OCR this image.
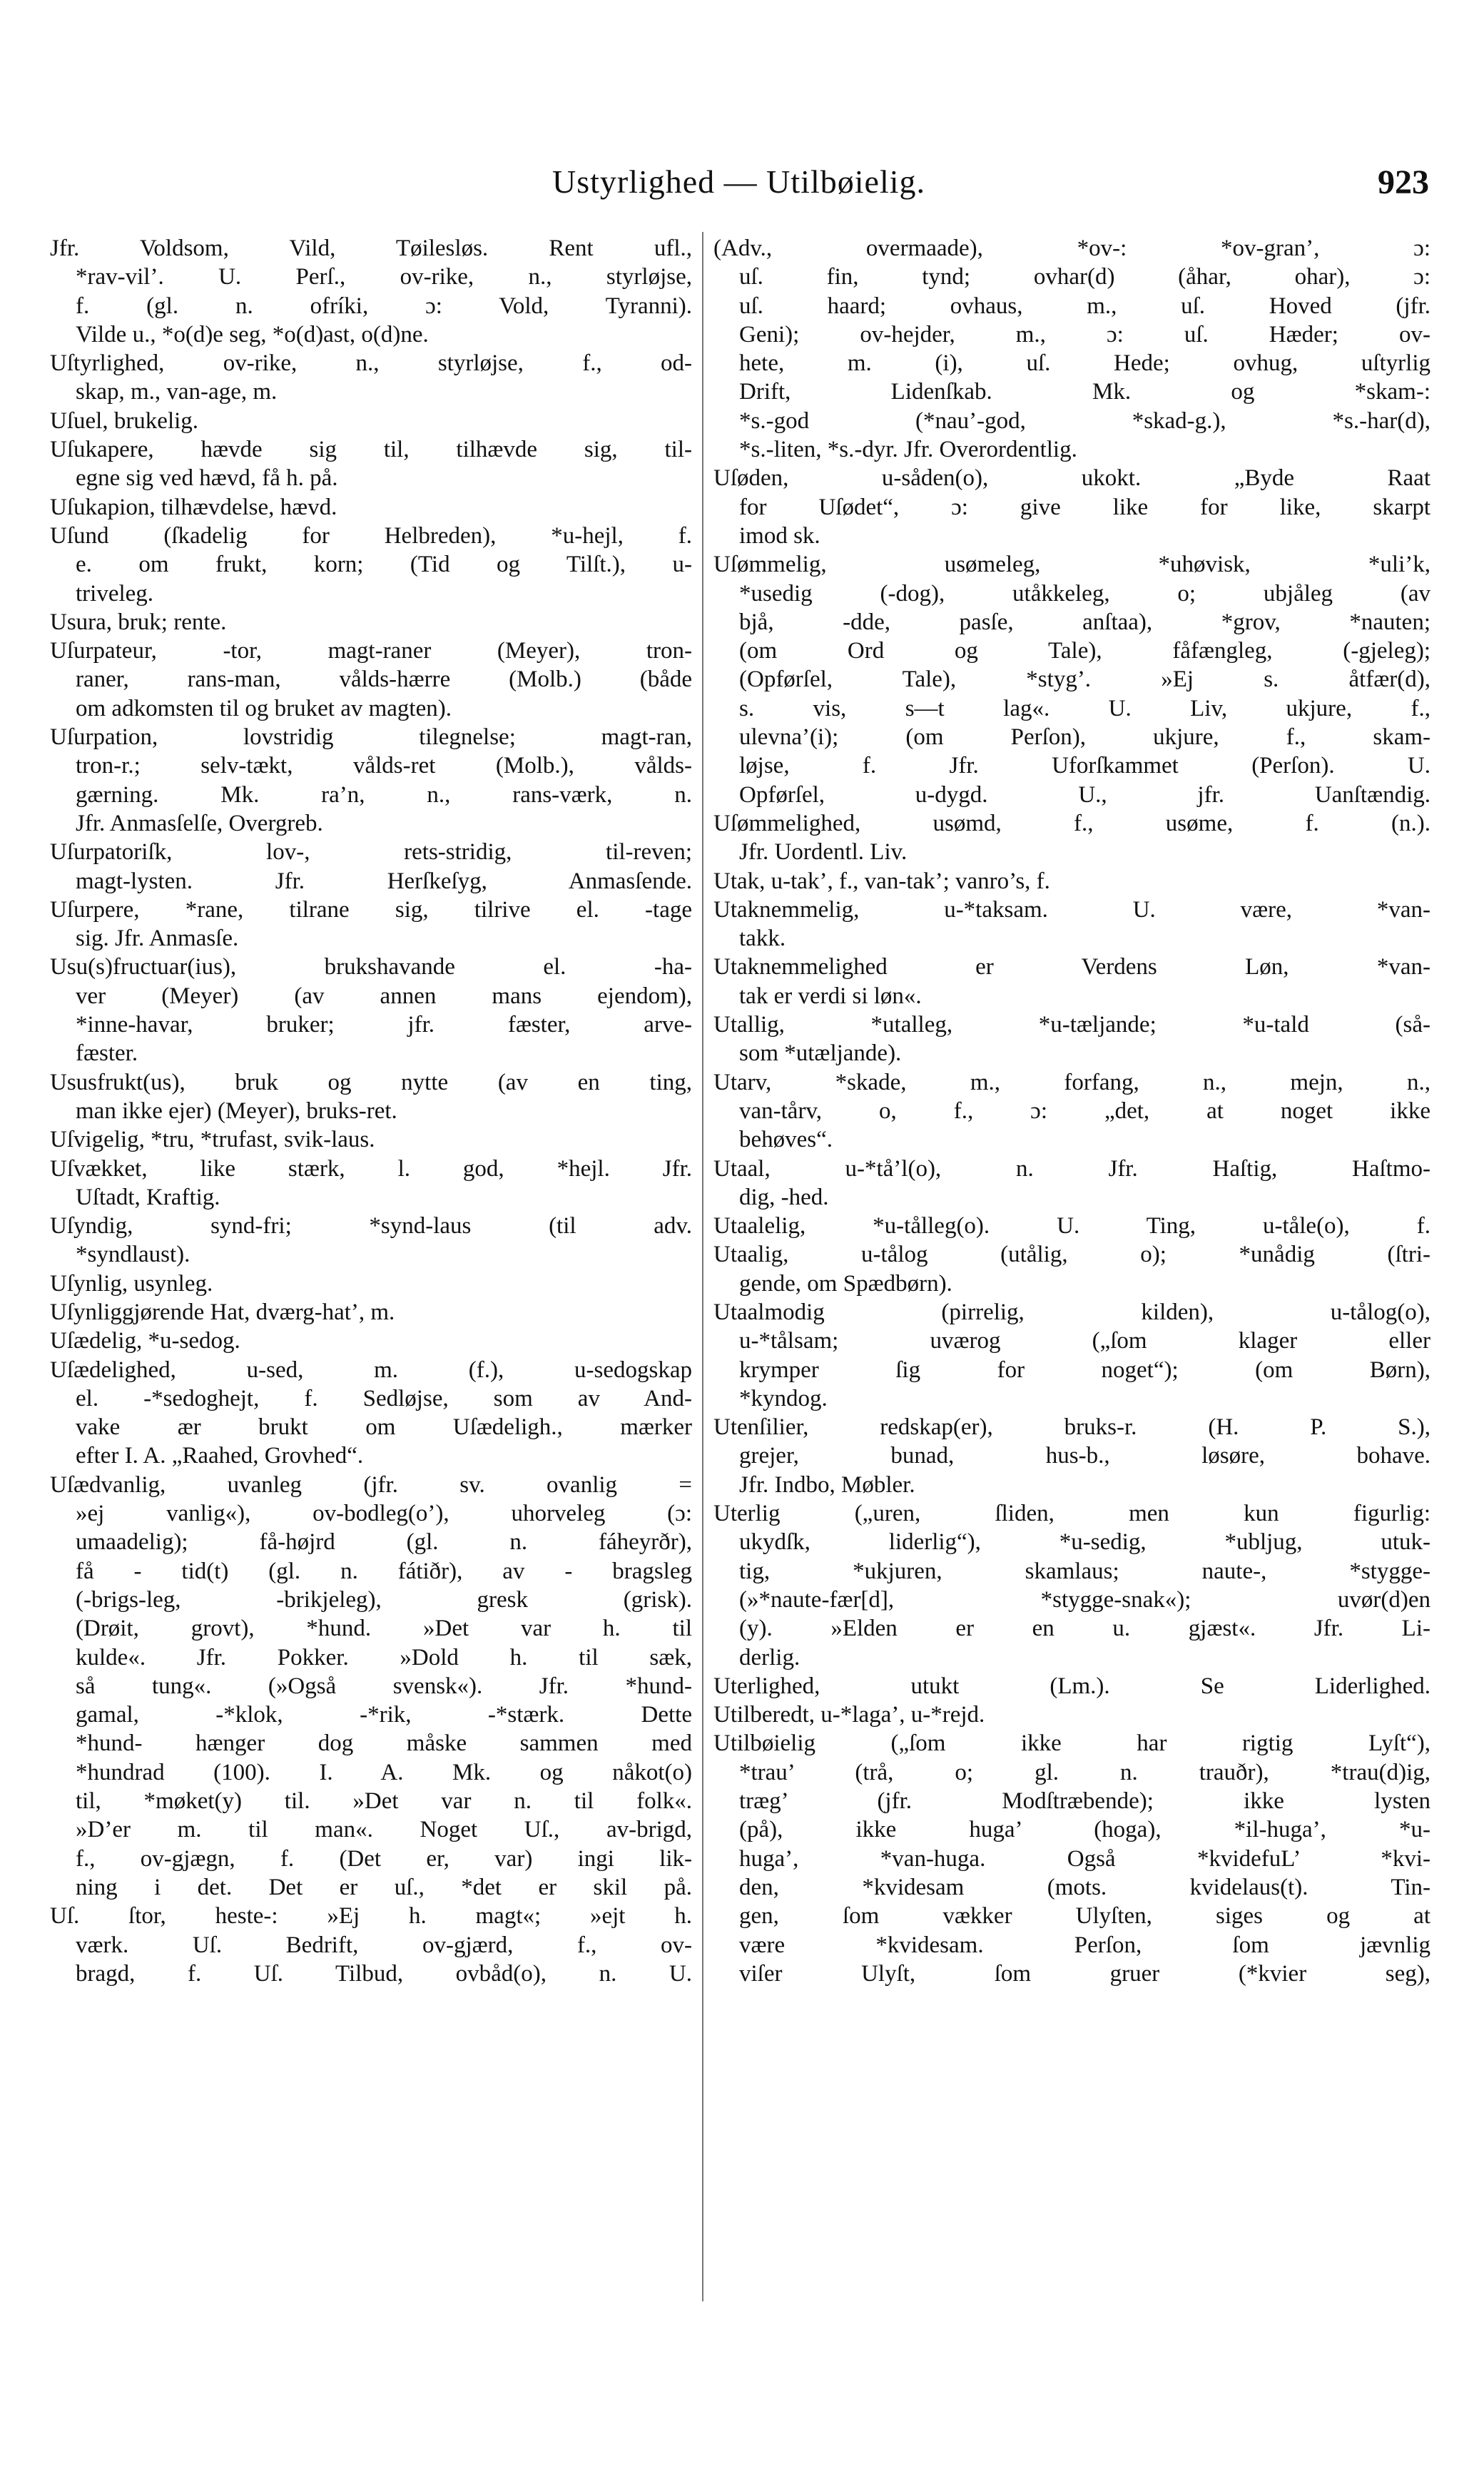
Ustyrlighed — Utilbøielig.	923
Jfr. Voldsom, Vild, Tøilesløs. Rent ufl.,
*rav-vil’. U. Perſ., ov-rike, n., styrløjse,
f. (gl. n. ofríki, ɔ: Vold, Tyranni).
Vilde u., *o(d)e seg, *o(d)ast, o(d)ne.
Uſtyrlighed, ov-rike, n., styrløjse, f., od-
skap, m., van-age, m.
Uſuel, brukelig.
Uſukapere, hævde sig til, tilhævde sig, til-
egne sig ved hævd, få h. på.
Uſukapion, tilhævdelse, hævd.
Uſund (ſkadelig for Helbreden), *u-hejl, f.
e. om frukt, korn; (Tid og Tilſt.), u-
triveleg.
Usura, bruk; rente.
Uſurpateur, -tor, magt-raner (Meyer), tron-
raner, rans-man, vålds-hærre (Molb.) (både
om adkomsten til og bruket av magten).
Uſurpation, lovstridig tilegnelse; magt-ran,
tron-r.; selv-tækt, vålds-ret (Molb.), vålds-
gærning. Mk. ra’n, n., rans-værk, n.
Jfr. Anmasſelſe, Overgreb.
Uſurpatoriſk, lov-, rets-stridig, til-reven;
magt-lysten. Jfr. Herſkeſyg, Anmasſende.
Uſurpere, *rane, tilrane sig, tilrive el. -tage
sig. Jfr. Anmasſe.
Usu(s)fructuar(ius), brukshavande el. -ha-
ver (Meyer) (av annen mans ejendom),
*inne-havar, bruker; jfr. fæster, arve-
fæster.
Ususfrukt(us), bruk og nytte (av en ting,
man ikke ejer) (Meyer), bruks-ret.
Uſvigelig, *tru, *trufast, svik-laus.
Uſvækket, like stærk, l. god, *hejl. Jfr.
Uſtadt, Kraftig.
Uſyndig, synd-fri; *synd-laus (til adv.
*syndlaust).
Uſynlig, usynleg.
Uſynliggjørende Hat, dværg-hat’, m.
Uſædelig, *u-sedog.
Uſædelighed, u-sed, m. (f.), u-sedogskap
el. -*sedoghejt, f. Sedløjse, som av And-
vake ær brukt om Uſædeligh., mærker
efter I. A. „Raahed, Grovhed“.
Uſædvanlig, uvanleg (jfr. sv. ovanlig =
»ej vanlig«), ov-bodleg(o’), uhorveleg (ɔ:
umaadelig); få-højrd (gl. n. fáheyrðr),
få - tid(t) (gl. n. fátiðr), av - bragsleg
(-brigs-leg, -brikjeleg), gresk (grisk).
(Drøit, grovt), *hund. »Det var h. til
kulde«. Jfr. Pokker. »Dold h. til sæk,
så tung«. (»Også svensk«). Jfr. *hund-
gamal, -*klok, -*rik, -*stærk. Dette
*hund- hænger dog måske sammen med
*hundrad (100). I. A. Mk. og nåkot(o)
til, *møket(y) til. »Det var n. til folk«.
»D’er m. til man«. Noget Uſ., av-brigd,
f., ov-gjægn, f. (Det er, var) ingi lik-
ning i det. Det er uſ., *det er skil på.
Uſ. ſtor, heste-: »Ej h. magt«; »ejt h.
værk. Uſ. Bedrift, ov-gjærd, f., ov-
bragd, f. Uſ. Tilbud, ovbåd(o), n. U.
(Adv., overmaade), *ov-: *ov-gran’, ɔ:
uſ. fin, tynd; ovhar(d) (åhar, ohar), ɔ:
uſ. haard; ovhaus, m., uſ. Hoved (jfr.
Geni); ov-hejder, m., ɔ: uſ. Hæder; ov-
hete, m. (i), uſ. Hede; ovhug, uſtyrlig
Drift, Lidenſkab. Mk. og *skam-:
*s.-god (*nau’-god, *skad-g.), *s.-har(d),
*s.-liten, *s.-dyr. Jfr. Overordentlig.
Uſøden, u-såden(o), ukokt. „Byde Raat
for Uſødet“, ɔ: give like for like, skarpt
imod sk.
Uſømmelig, usømeleg, *uhøvisk, *uli’k,
*usedig (-dog), utåkkeleg, o; ubjåleg (av
bjå, -dde, pasſe, anſtaa), *grov, *nauten;
(om Ord og Tale), fåfængleg, (-gjeleg);
(Opførſel, Tale), *styg’. »Ej s. åtfær(d),
s. vis, s—t lag«. U. Liv, ukjure, f.,
ulevna’(i); (om Perſon), ukjure, f., skam-
løjse, f. Jfr. Uforſkammet (Perſon). U.
Opførſel, u-dygd. U., jfr. Uanſtændig.
Uſømmelighed, usømd, f., usøme, f. (n.).
Jfr. Uordentl. Liv.
Utak, u-tak’, f., van-tak’; vanro’s, f.
Utaknemmelig, u-*taksam. U. være, *van-
takk.
Utaknemmelighed er Verdens Løn, *van-
tak er verdi si løn«.
Utallig, *utalleg, *u-tæljande; *u-tald (så-
som *utæljande).
Utarv, *skade, m., forfang, n., mejn, n.,
van-tårv, o, f., ɔ: „det, at noget ikke
behøves“.
Utaal, u-*tå’l(o), n. Jfr. Haſtig, Haſtmo-
dig, -hed.
Utaalelig, *u-tålleg(o). U. Ting, u-tåle(o), f.
Utaalig, u-tålog (utålig, o); *unådig (ſtri-
gende, om Spædbørn).
Utaalmodig (pirrelig, kilden), u-tålog(o),
u-*tålsam; uværog („ſom klager eller
krymper ſig for noget“); (om Børn),
*kyndog.
Utenſilier, redskap(er), bruks-r. (H. P. S.),
grejer, bunad, hus-b., løsøre, bohave.
Jfr. Indbo, Møbler.
Uterlig („uren, ſliden, men kun figurlig:
ukydſk, liderlig“), *u-sedig, *ubljug, utuk-
tig, *ukjuren, skamlaus; naute-, *stygge-
(»*naute-fær[d], *stygge-snak«); uvør(d)en
(y). »Elden er en u. gjæst«. Jfr. Li-
derlig.
Uterlighed, utukt (Lm.). Se Liderlighed.
Utilberedt, u-*laga’, u-*rejd.
Utilbøielig („ſom ikke har rigtig Lyſt“),
*trau’ (trå, o; gl. n. trauðr), *trau(d)ig,
træg’ (jfr. Modſtræbende); ikke lysten
(på), ikke huga’ (hoga), *il-huga’, *u-
huga’, *van-huga. Også *kvidefuL’ *kvi-
den, *kvidesam (mots. kvidelaus(t). Tin-
gen, ſom vækker Ulyſten, siges og at
være *kvidesam. Perſon, ſom jævnlig
viſer Ulyſt, ſom gruer (*kvier seg),
